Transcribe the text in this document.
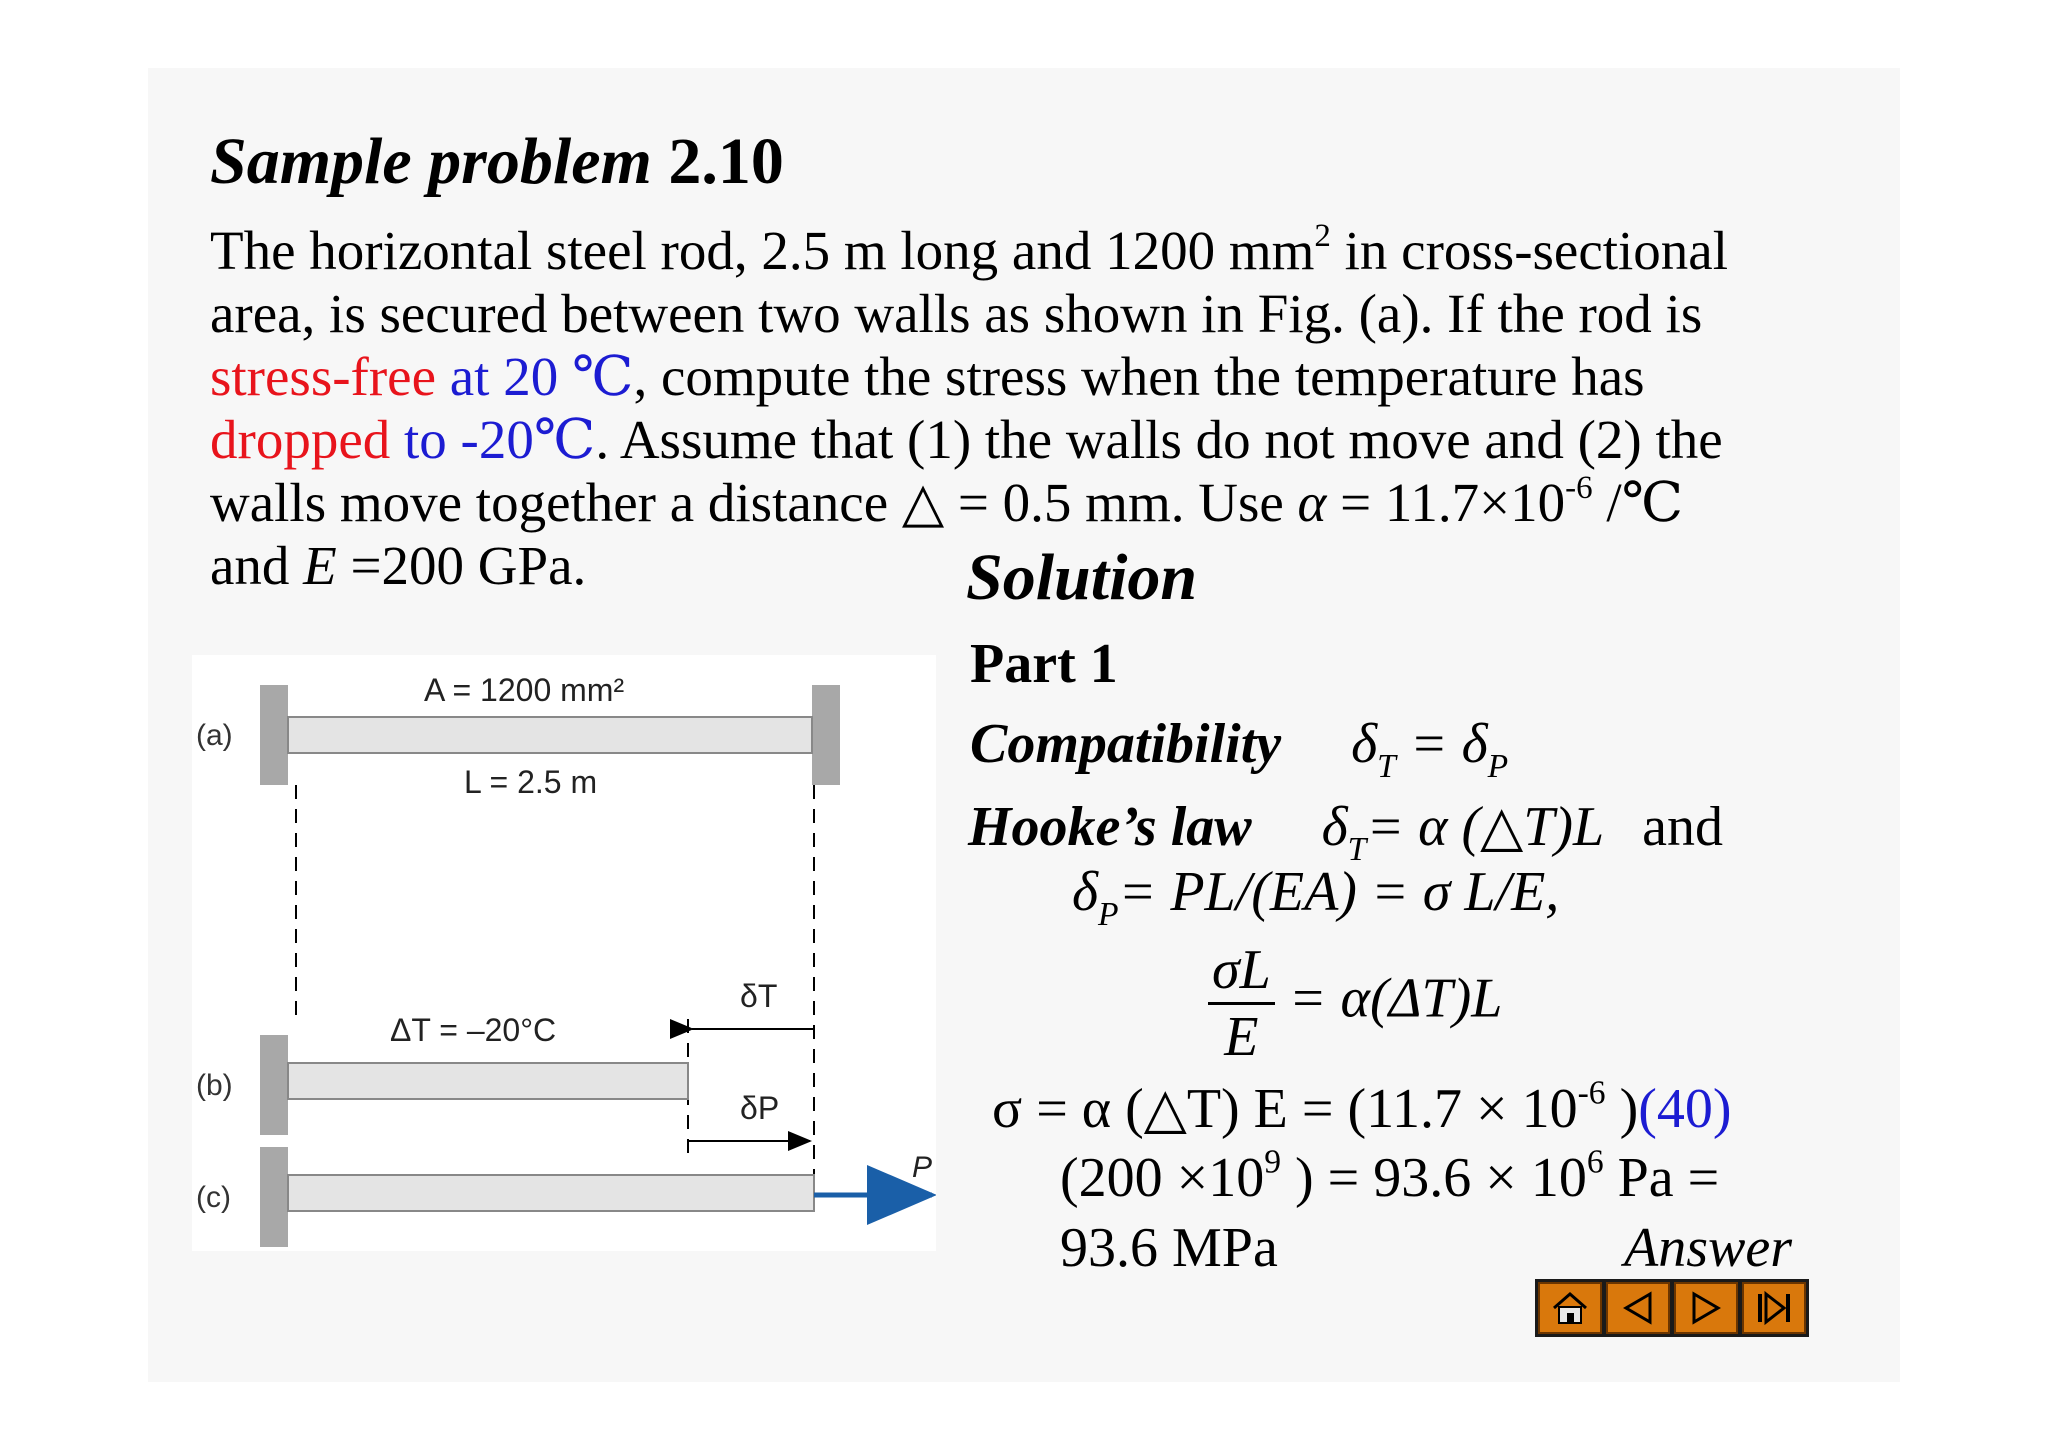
Sample problem 2.10
The horizontal steel rod, 2.5 m long and 1200 $mm^2$ in cross-sectional
area, is secured between two walls as shown in Fig. (a). If the rod is
stress-free at 20 ℃, compute the stress when the temperature has
dropped to -20℃. Assume that (1) the walls do not move and (2) the
walls move together a distance △ = 0.5 mm. Use $\alpha = 11.7\times 10^{-6}$ /℃
and E =200 GPa.
(a)
A = 1200 mm²
L = 2.5 m
(b)
ΔT = –20°C
δT
δP
(c)
P
Solution
Part 1
Compatibility $\delta_T = \delta_P$
Hooke’s law $\delta_T= \alpha$ (△T)L and
$\delta_P= PL/(EA) = \sigma$ L/E,
$\frac{\sigma L}{E} = \alpha(\Delta T)L$
σ = α (△T) $E = (11.7 \times 10^{-6}$ )(40)
($200 \times 10^9$ ) = $93.6 \times 10^6$ Pa =
93.6 MPa	Answer
